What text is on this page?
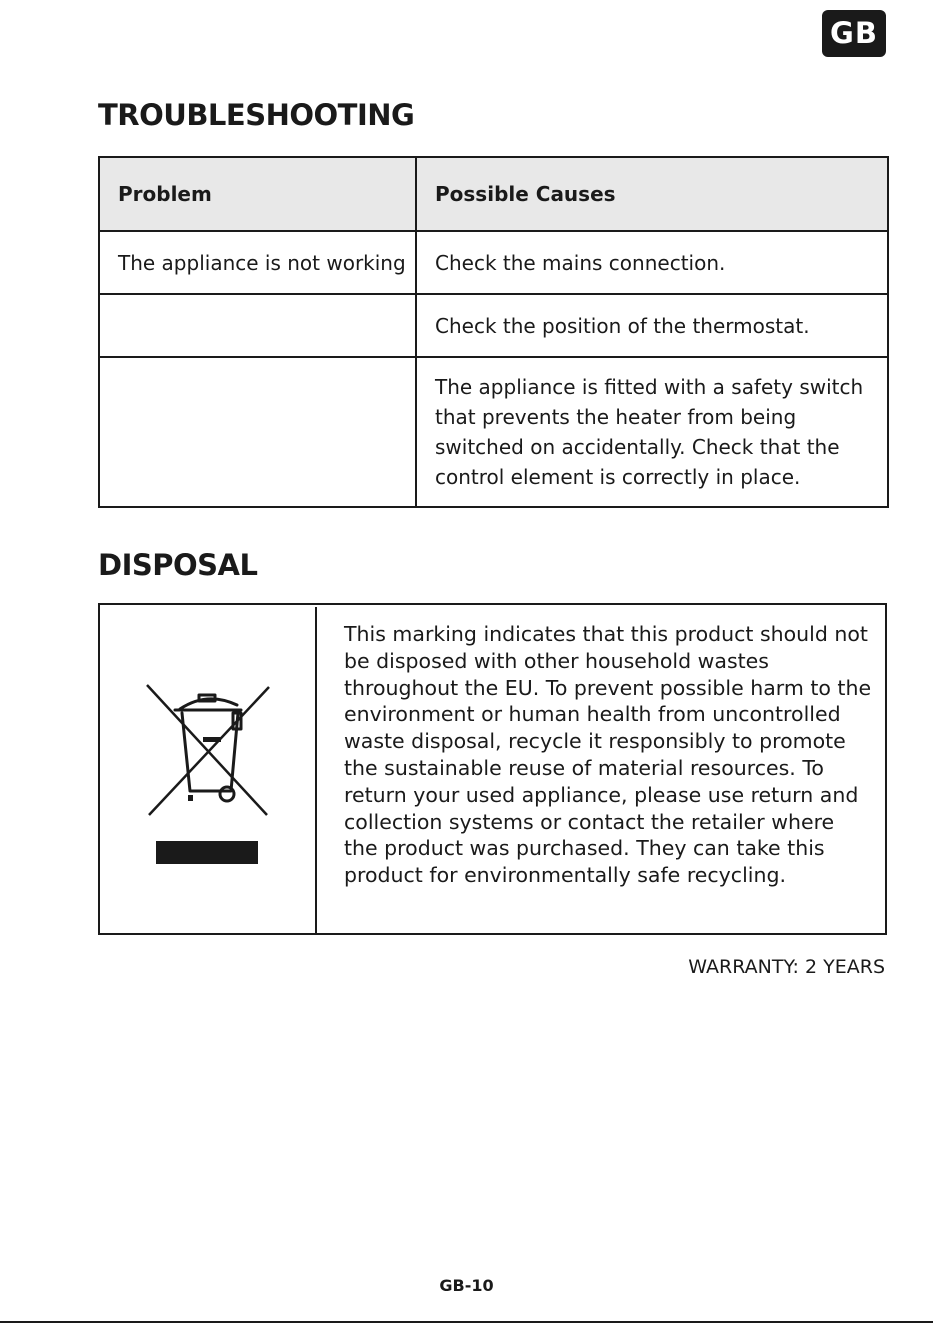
GB
TROUBLESHOOTING
Problem	Possible Causes
The appliance is not working	Check the mains connection.
	Check the position of the thermostat.
	The appliance is fitted with a safety switch that prevents the heater from being switched on accidentally. Check that the control element is correctly in place.
DISPOSAL

This marking indicates that this product should not be disposed with other household wastes throughout the EU. To prevent possible harm to the environment or human health from uncontrolled waste disposal, recycle it responsibly to promote the sustainable reuse of material resources. To return your used appliance, please use return and collection systems or contact the retailer where the product was purchased. They can take this product for environmentally safe recycling.

WARRANTY: 2 YEARS

GB-10
